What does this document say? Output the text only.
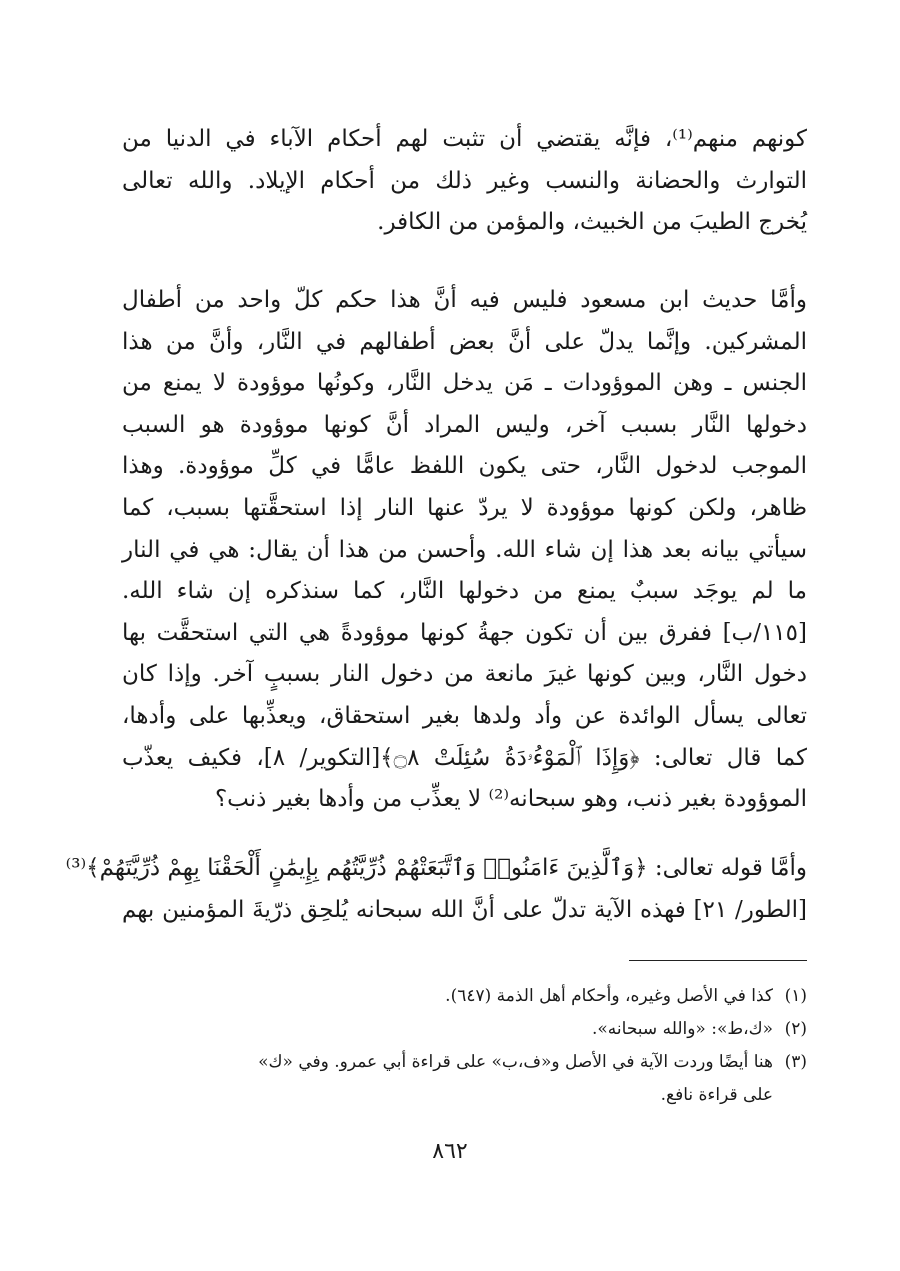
كونهم منهم⁽¹⁾، فإنَّه يقتضي أن تثبت لهم أحكام الآباء في الدنيا من
التوارث والحضانة والنسب وغير ذلك من أحكام الإيلاد. والله تعالى
يُخرج الطيبَ من الخبيث، والمؤمن من الكافر.
وأمَّا حديث ابن مسعود فليس فيه أنَّ هذا حكم كلّ واحد من أطفال
المشركين. وإنَّما يدلّ على أنَّ بعض أطفالهم في النَّار، وأنَّ من هذا
الجنس ـ وهن الموؤودات ـ مَن يدخل النَّار، وكونُها موؤودة لا يمنع من
دخولها النَّار بسبب آخر، وليس المراد أنَّ كونها موؤودة هو السبب
الموجب لدخول النَّار، حتى يكون اللفظ عامًّا في كلِّ موؤودة. وهذا
ظاهر، ولكن كونها موؤودة لا يردّ عنها النار إذا استحقَّتها بسبب، كما
سيأتي بيانه بعد هذا إن شاء الله. وأحسن من هذا أن يقال: هي في النار
ما لم يوجَد سببٌ يمنع من دخولها النَّار، كما سنذكره إن شاء الله.
[١١٥/ب] ففرق بين أن تكون جهةُ كونها موؤودةً هي التي استحقَّت بها
دخول النَّار، وبين كونها غيرَ مانعة من دخول النار بسببٍ آخر. وإذا كان
تعالى يسأل الوائدة عن وأد ولدها بغير استحقاق، ويعذِّبها على وأدها،
كما قال تعالى: ﴿وَإِذَا ٱلْمَوْءُۥدَةُ سُئِلَتْ ۝٨﴾[التكوير/ ٨]، فكيف يعذّب
الموؤودة بغير ذنب، وهو سبحانه⁽²⁾ لا يعذِّب من وأدها بغير ذنب؟
وأمَّا قوله تعالى: ﴿وَٱلَّذِينَ ءَامَنُوا۟ وَٱتَّبَعَتْهُمْ ذُرِّيَّتُهُم بِإِيمَٰنٍ أَلْحَقْنَا بِهِمْ ذُرِّيَّتَهُمْ﴾⁽³⁾
[الطور/ ٢١] فهذه الآية تدلّ على أنَّ الله سبحانه يُلحِق ذرّيةَ المؤمنين بهم
(١)كذا في الأصل وغيره، وأحكام أهل الذمة (٦٤٧).
(٢)«ك،ط»: «والله سبحانه».
(٣)هنا أيضًا وردت الآية في الأصل و«ف،ب» على قراءة أبي عمرو. وفي «ك»
على قراءة نافع.
٨٦٢
